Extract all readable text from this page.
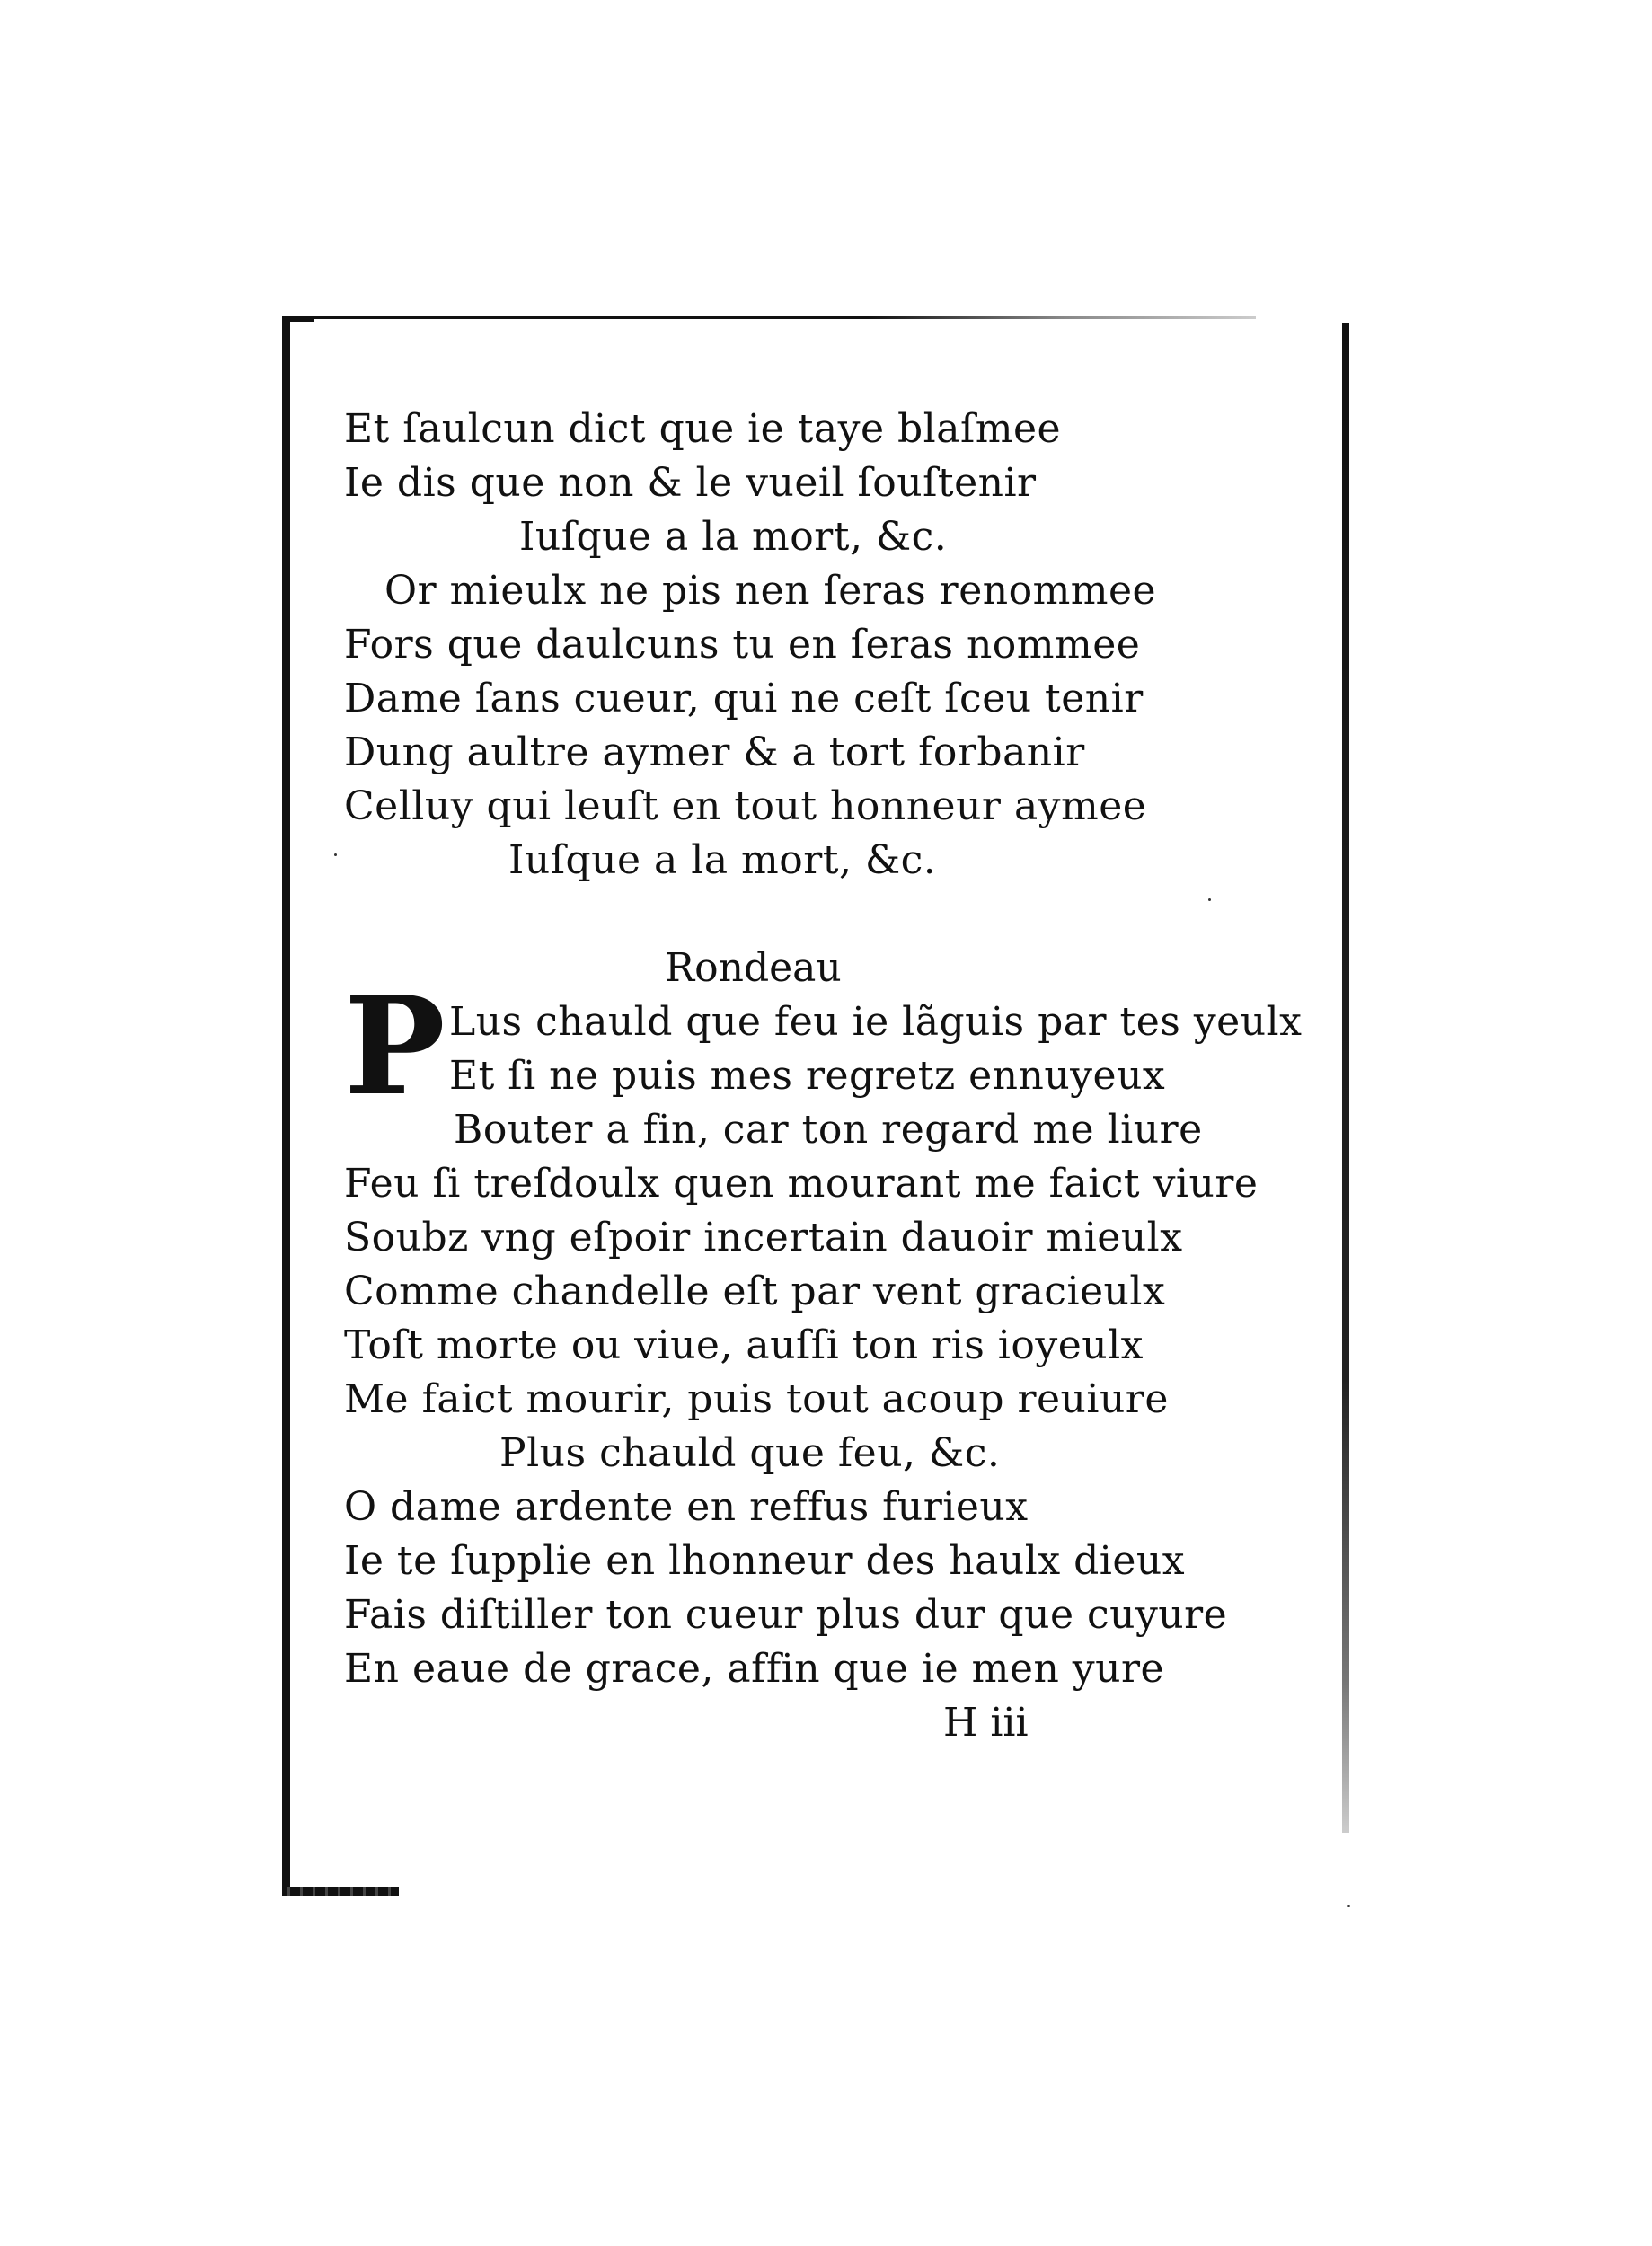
Et ſaulcun dict que ie taye blaſmee
Ie dis que non & le vueil ſouſtenir
Iuſque a la mort, &c.
Or mieulx ne pis nen ſeras renommee
Fors que daulcuns tu en ſeras nommee
Dame ſans cueur, qui ne ceſt ſceu tenir
Dung aultre aymer & a tort forbanir
Celluy qui leuſt en tout honneur aymee
Iuſque a la mort, &c.
Rondeau
P Lus chauld que feu ie lãguis par tes yeulx
Et ſi ne puis mes regretz ennuyeux
Bouter a fin, car ton regard me liure
Feu ſi treſdoulx quen mourant me faict viure
Soubz vng eſpoir incertain dauoir mieulx
Comme chandelle eſt par vent gracieulx
Toſt morte ou viue, auſſi ton ris ioyeulx
Me faict mourir, puis tout acoup reuiure
Plus chauld que feu, &c.
O dame ardente en reffus furieux
Ie te ſupplie en lhonneur des haulx dieux
Fais diſtiller ton cueur plus dur que cuyure
En eaue de grace, affin que ie men yure
H iii
